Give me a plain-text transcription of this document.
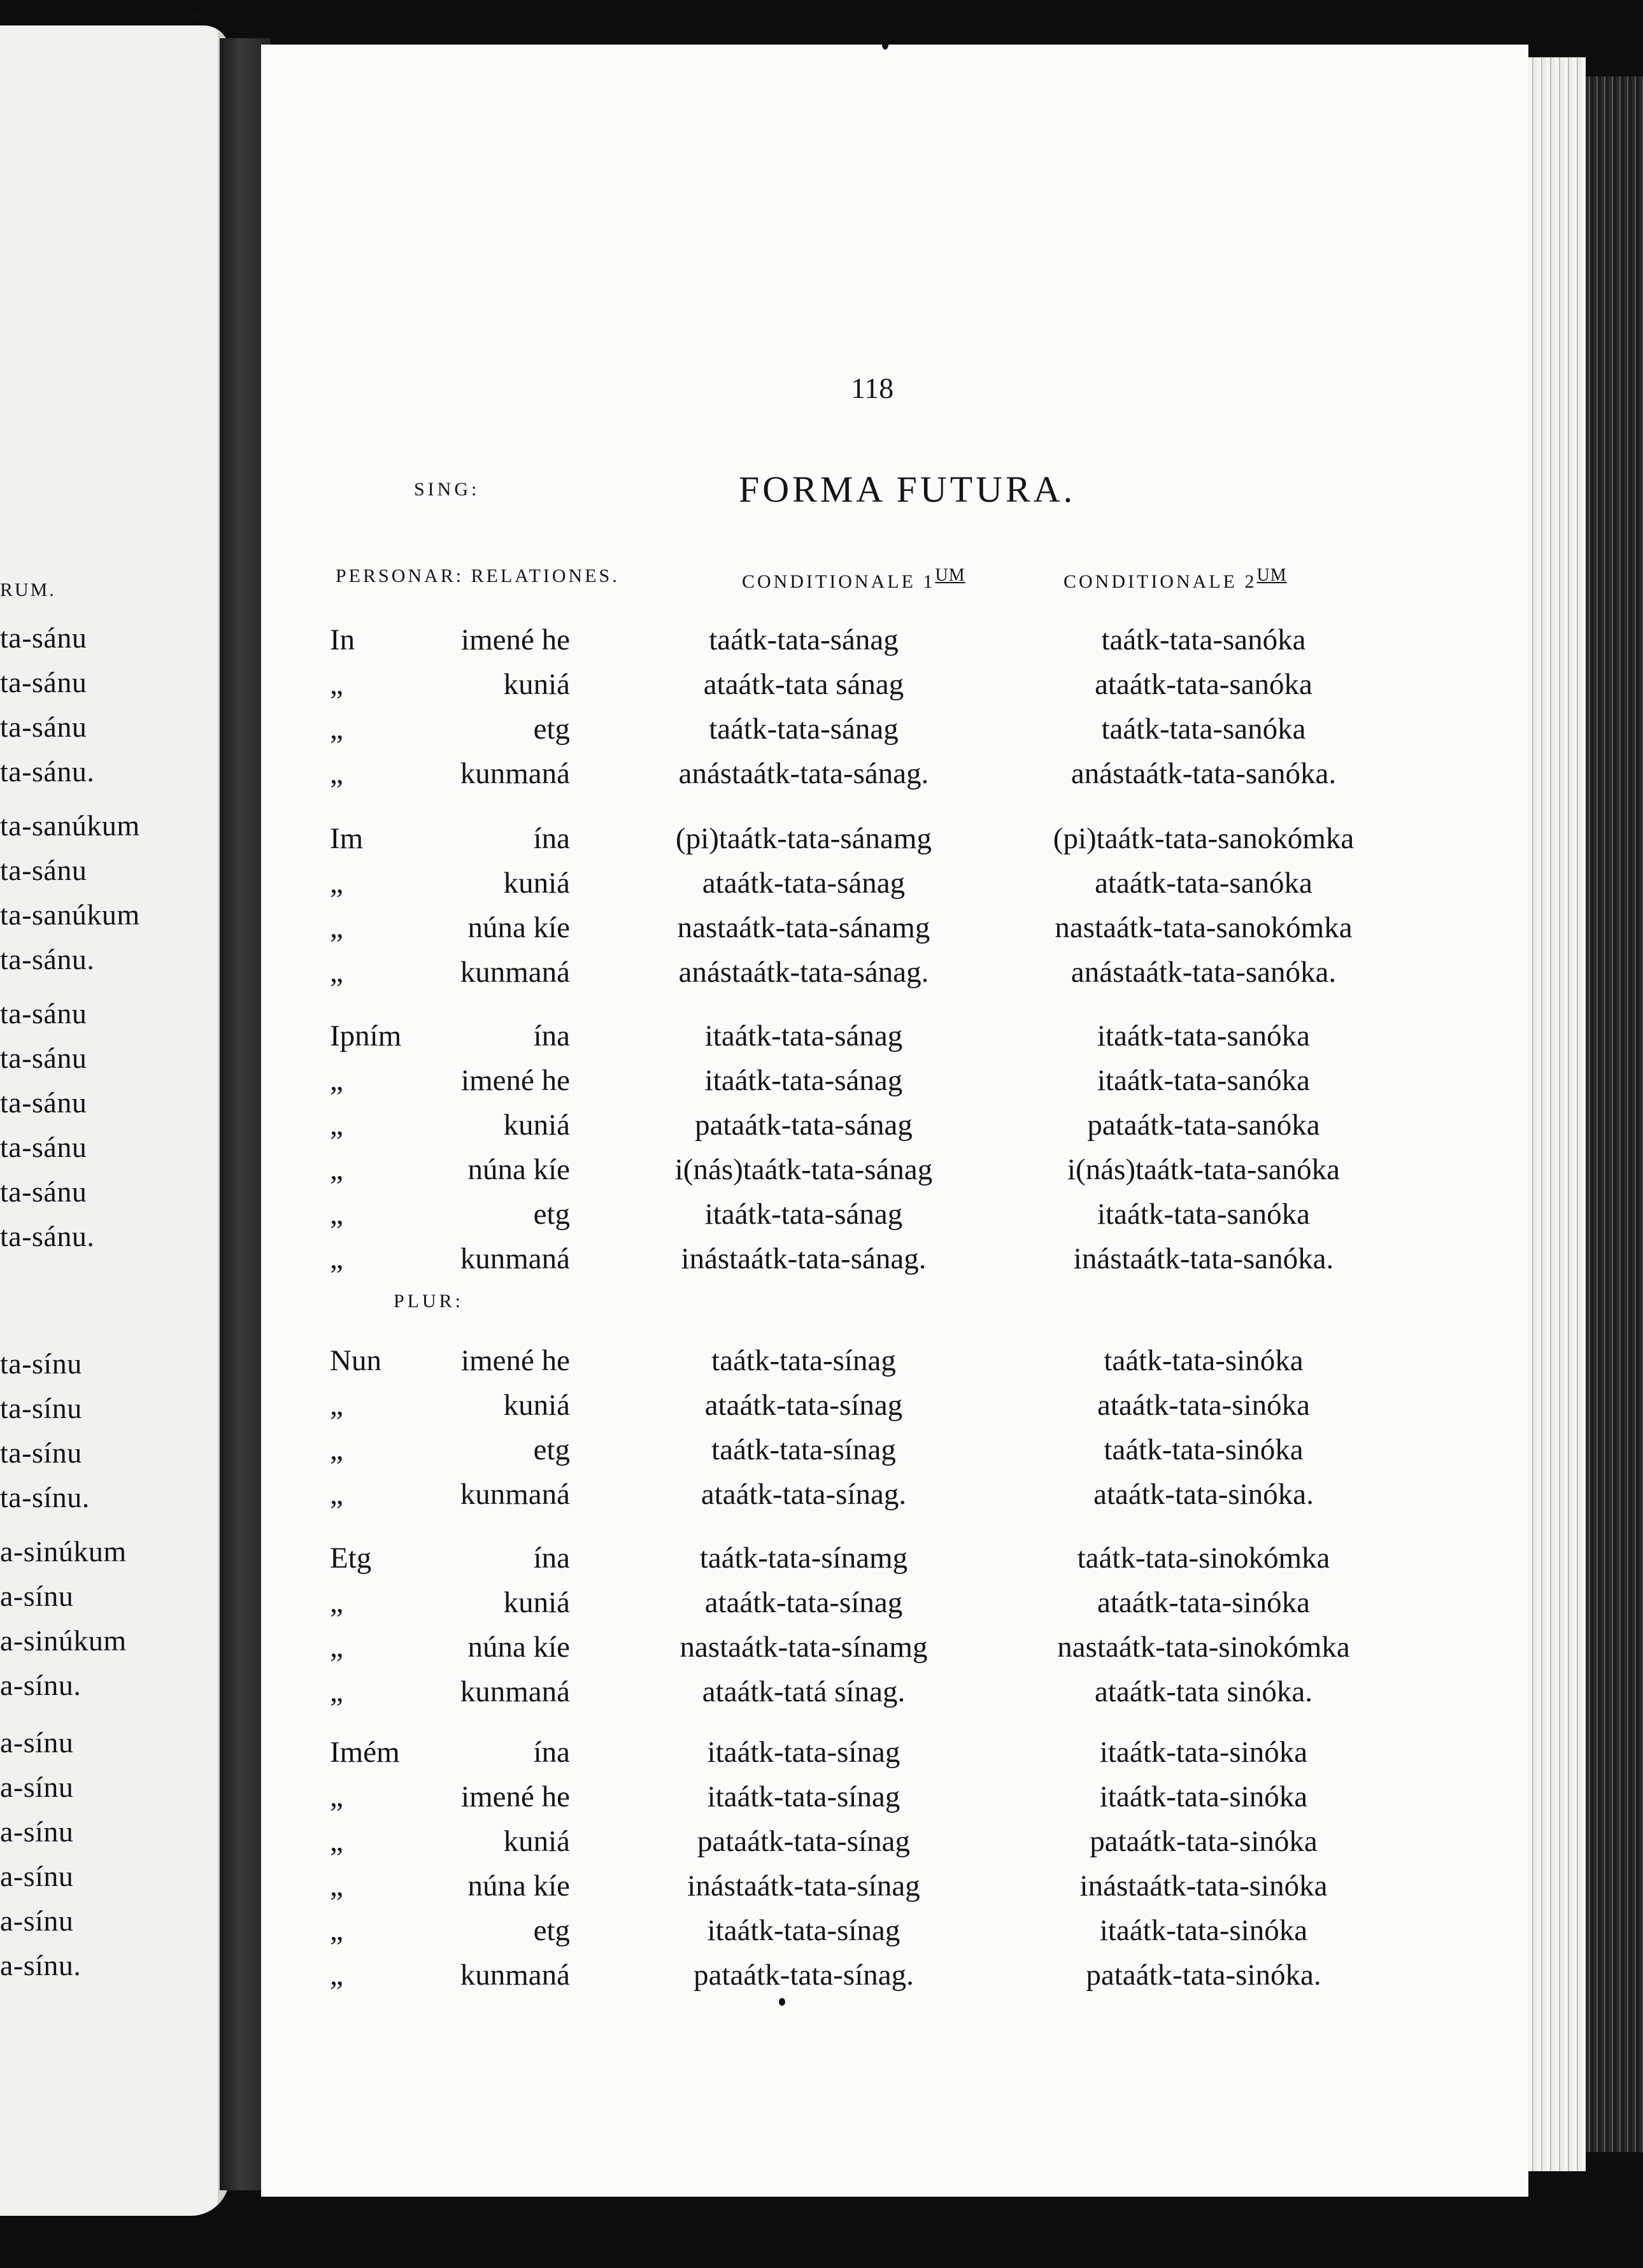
RUM.
ta-sánu
ta-sánu
ta-sánu
ta-sánu.
ta-sanúkum
ta-sánu
ta-sanúkum
ta-sánu.
ta-sánu
ta-sánu
ta-sánu
ta-sánu
ta-sánu
ta-sánu.
ta-sínu
ta-sínu
ta-sínu
ta-sínu.
a-sinúkum
a-sínu
a-sinúkum
a-sínu.
a-sínu
a-sínu
a-sínu
a-sínu
a-sínu
a-sínu.
118
SING:	FORMA FUTURA.
PERSONAR: RELATIONES.	CONDITIONALE $1^{UM}$	CONDITIONALE $2^{UM}$
PLUR:
In	imené he	taátk-tata-sánag	taátk-tata-sanóka
„	kuniá	ataátk-tata sánag	ataátk-tata-sanóka
„	etg	taátk-tata-sánag	taátk-tata-sanóka
„	kunmaná	anástaátk-tata-sánag.	anástaátk-tata-sanóka.
Im	ína	(pi)taátk-tata-sánamg	(pi)taátk-tata-sanokómka
„	kuniá	ataátk-tata-sánag	ataátk-tata-sanóka
„	núna kíe	nastaátk-tata-sánamg	nastaátk-tata-sanokómka
„	kunmaná	anástaátk-tata-sánag.	anástaátk-tata-sanóka.
Ipním	ína	itaátk-tata-sánag	itaátk-tata-sanóka
„	imené he	itaátk-tata-sánag	itaátk-tata-sanóka
„	kuniá	pataátk-tata-sánag	pataátk-tata-sanóka
„	núna kíe	i(nás)taátk-tata-sánag	i(nás)taátk-tata-sanóka
„	etg	itaátk-tata-sánag	itaátk-tata-sanóka
„	kunmaná	inástaátk-tata-sánag.	inástaátk-tata-sanóka.
Nun	imené he	taátk-tata-sínag	taátk-tata-sinóka
„	kuniá	ataátk-tata-sínag	ataátk-tata-sinóka
„	etg	taátk-tata-sínag	taátk-tata-sinóka
„	kunmaná	ataátk-tata-sínag.	ataátk-tata-sinóka.
Etg	ína	taátk-tata-sínamg	taátk-tata-sinokómka
„	kuniá	ataátk-tata-sínag	ataátk-tata-sinóka
„	núna kíe	nastaátk-tata-sínamg	nastaátk-tata-sinokómka
„	kunmaná	ataátk-tatá sínag.	ataátk-tata sinóka.
Imém	ína	itaátk-tata-sínag	itaátk-tata-sinóka
„	imené he	itaátk-tata-sínag	itaátk-tata-sinóka
„	kuniá	pataátk-tata-sínag	pataátk-tata-sinóka
„	núna kíe	inástaátk-tata-sínag	inástaátk-tata-sinóka
„	etg	itaátk-tata-sínag	itaátk-tata-sinóka
„	kunmaná	pataátk-tata-sínag.	pataátk-tata-sinóka.
